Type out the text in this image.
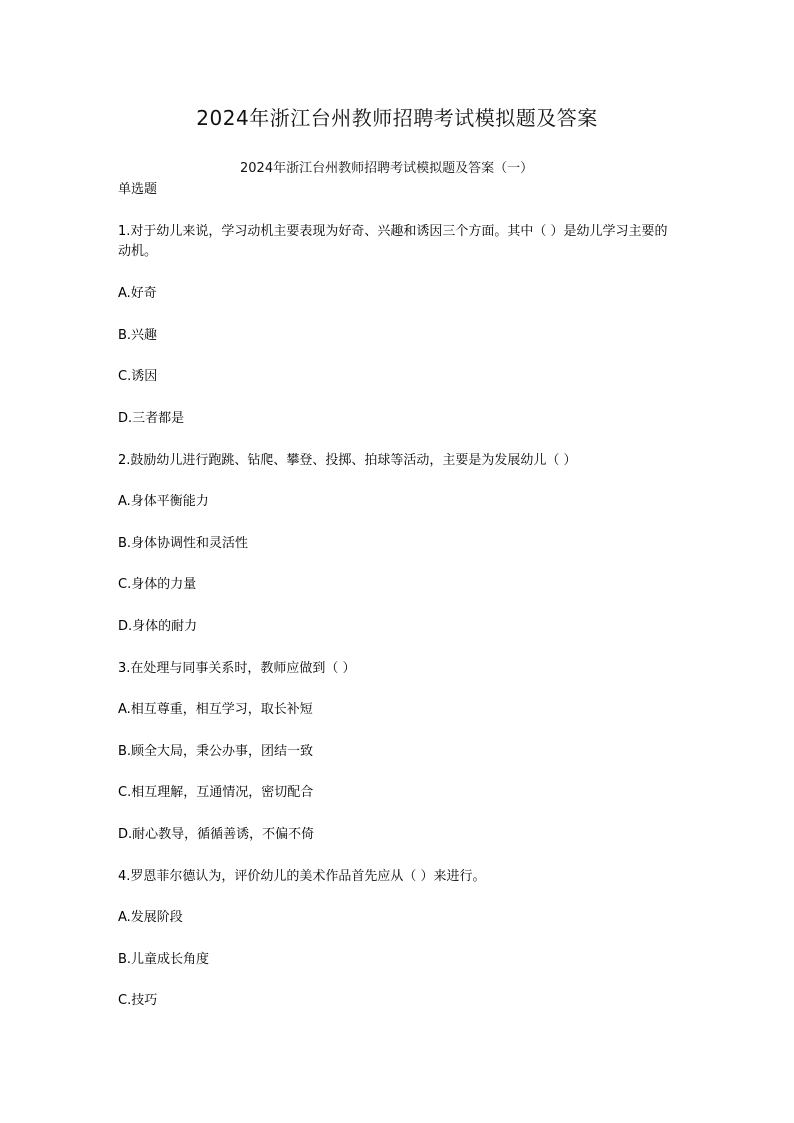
2024年浙江台州教师招聘考试模拟题及答案
2024年浙江台州教师招聘考试模拟题及答案（一）
单选题
1.对于幼儿来说，学习动机主要表现为好奇、兴趣和诱因三个方面。其中（ ）是幼儿学习主要的动机。
A.好奇
B.兴趣
C.诱因
D.三者都是
2.鼓励幼儿进行跑跳、钻爬、攀登、投掷、拍球等活动，主要是为发展幼儿（ ）
A.身体平衡能力
B.身体协调性和灵活性
C.身体的力量
D.身体的耐力
3.在处理与同事关系时，教师应做到（ ）
A.相互尊重，相互学习，取长补短
B.顾全大局，秉公办事，团结一致
C.相互理解，互通情况，密切配合
D.耐心教导，循循善诱，不偏不倚
4.罗恩菲尔德认为，评价幼儿的美术作品首先应从（ ）来进行。
A.发展阶段
B.儿童成长角度
C.技巧
